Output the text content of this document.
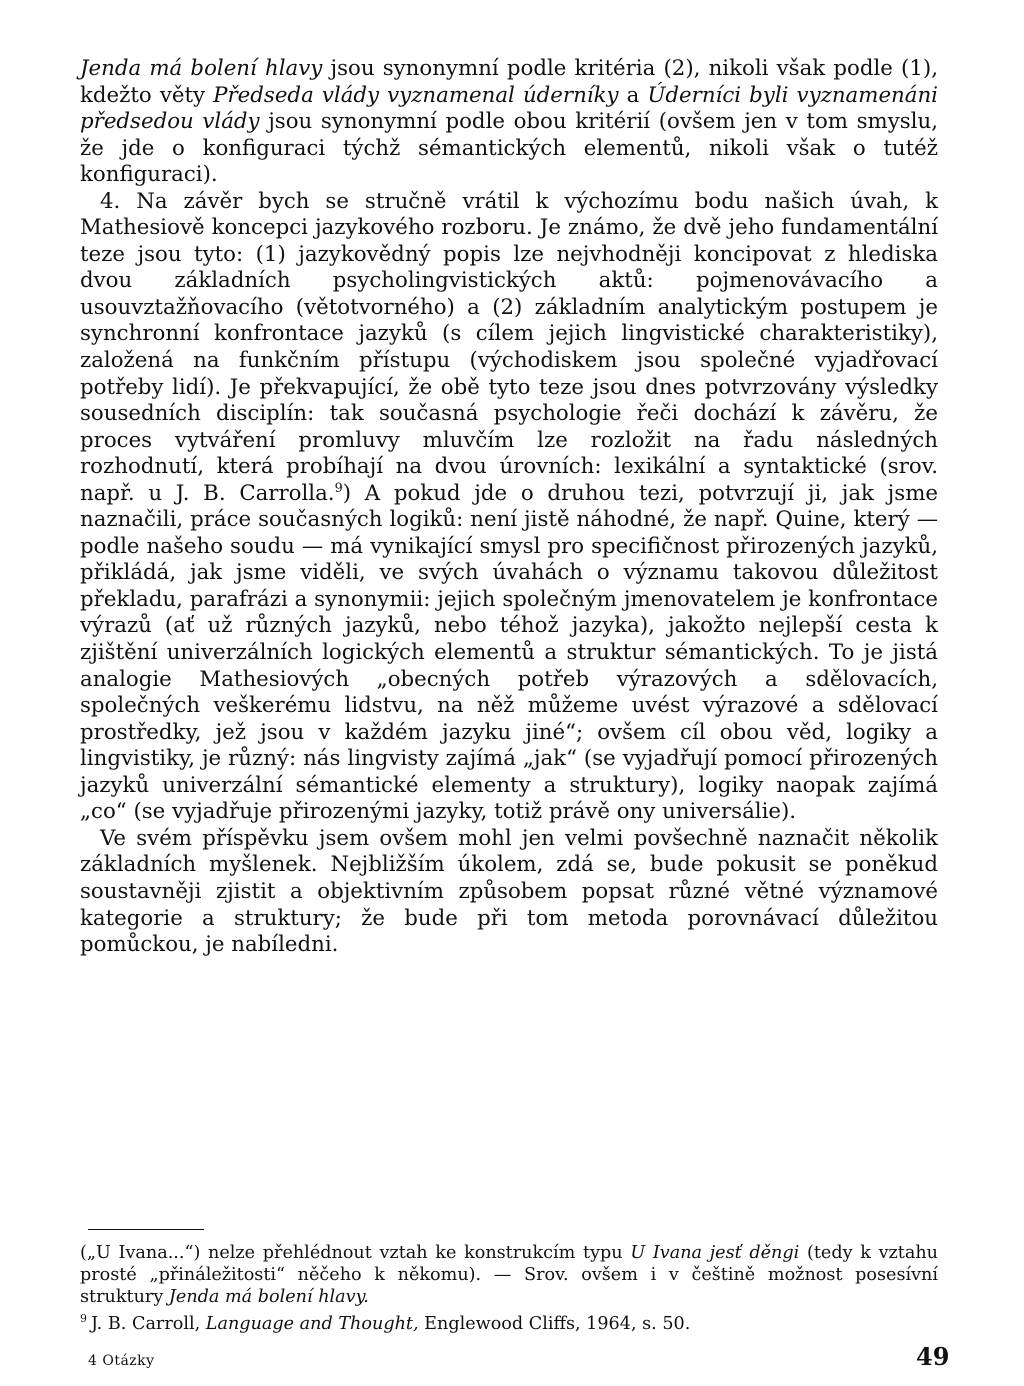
Jenda má bolení hlavy jsou synonymní podle kritéria (2), nikoli však podle (1), kdežto věty Předseda vlády vyznamenal úderníky a Úderníci byli vyznamenáni předsedou vlády jsou synonymní podle obou kritérií (ovšem jen v tom smyslu, že jde o konfiguraci týchž sémantických elementů, nikoli však o tutéž konfiguraci).

4. Na závěr bych se stručně vrátil k výchozímu bodu našich úvah, k Mathesiově koncepci jazykového rozboru. Je známo, že dvě jeho fundamentální teze jsou tyto: (1) jazykovědný popis lze nejvhodněji koncipovat z hlediska dvou základních psycholingvistických aktů: pojmenovávacího a usouvztažňovacího (větotvorného) a (2) základním analytickým postupem je synchronní konfrontace jazyků (s cílem jejich lingvistické charakteristiky), založená na funkčním přístupu (východiskem jsou společné vyjadřovací potřeby lidí). Je překvapující, že obě tyto teze jsou dnes potvrzovány výsledky sousedních disciplín: tak současná psychologie řeči dochází k závěru, že proces vytváření promluvy mluvčím lze rozložit na řadu následných rozhodnutí, která probíhají na dvou úrovních: lexikální a syntaktické (srov. např. u J. B. Carrolla.$^9$) A pokud jde o druhou tezi, potvrzují ji, jak jsme naznačili, práce současných logiků: není jistě náhodné, že např. Quine, který — podle našeho soudu — má vynikající smysl pro specifičnost přirozených jazyků, přikládá, jak jsme viděli, ve svých úvahách o významu takovou důležitost překladu, parafrázi a synonymii: jejich společným jmenovatelem je konfrontace výrazů (ať už různých jazyků, nebo téhož jazyka), jakožto nejlepší cesta k zjištění univerzálních logických elementů a struktur sémantických. To je jistá analogie Mathesiových „obecných potřeb výrazových a sdělovacích, společných veškerému lidstvu, na něž můžeme uvést výrazové a sdělovací prostředky, jež jsou v každém jazyku jiné“; ovšem cíl obou věd, logiky a lingvistiky, je různý: nás lingvisty zajímá „jak“ (se vyjadřují pomocí přirozených jazyků univerzální sémantické elementy a struktury), logiky naopak zajímá „co“ (se vyjadřuje přirozenými jazyky, totiž právě ony universálie).

Ve svém příspěvku jsem ovšem mohl jen velmi povšechně naznačit několik základních myšlenek. Nejbližším úkolem, zdá se, bude pokusit se poněkud soustavněji zjistit a objektivním způsobem popsat různé větné významové kategorie a struktury; že bude při tom metoda porovnávací důležitou pomůckou, je nabíledni.

(„U Ivana...“) nelze přehlédnout vztah ke konstrukcím typu U Ivana jesť děngi (tedy k vztahu prosté „přináležitosti“ něčeho k někomu). — Srov. ovšem i v češtině možnost posesívní struktury Jenda má bolení hlavy.

$^9$ J. B. Carroll, Language and Thought, Englewood Cliffs, 1964, s. 50.

4 Otázky	49
